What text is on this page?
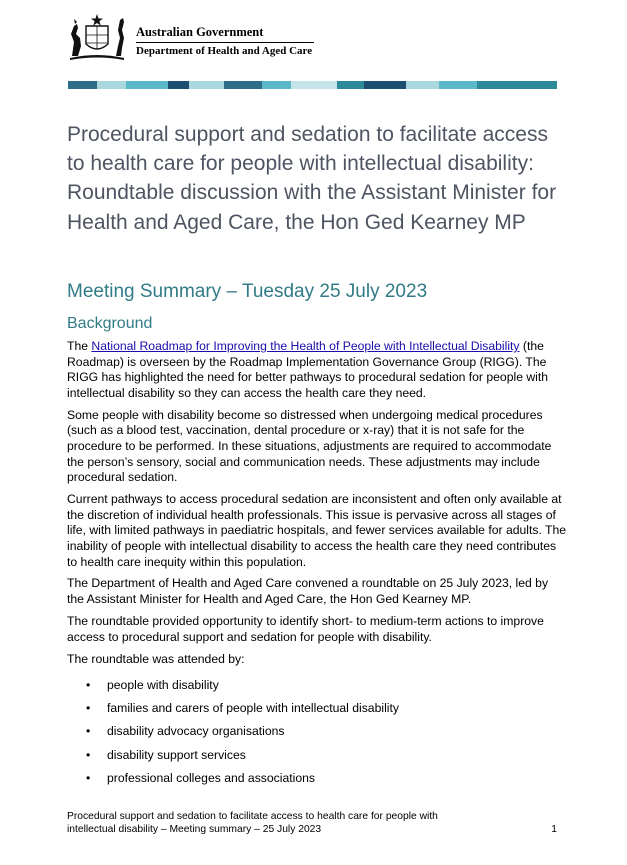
Australian Government
Department of Health and Aged Care
Procedural support and sedation to facilitate access to health care for people with intellectual disability: Roundtable discussion with the Assistant Minister for Health and Aged Care, the Hon Ged Kearney MP
Meeting Summary – Tuesday 25 July 2023
Background

The National Roadmap for Improving the Health of People with Intellectual Disability (the Roadmap) is overseen by the Roadmap Implementation Governance Group (RIGG). The RIGG has highlighted the need for better pathways to procedural sedation for people with intellectual disability so they can access the health care they need.

Some people with disability become so distressed when undergoing medical procedures (such as a blood test, vaccination, dental procedure or x-ray) that it is not safe for the procedure to be performed. In these situations, adjustments are required to accommodate the person’s sensory, social and communication needs. These adjustments may include procedural sedation.

Current pathways to access procedural sedation are inconsistent and often only available at the discretion of individual health professionals. This issue is pervasive across all stages of life, with limited pathways in paediatric hospitals, and fewer services available for adults. The inability of people with intellectual disability to access the health care they need contributes to health care inequity within this population.

The Department of Health and Aged Care convened a roundtable on 25 July 2023, led by the Assistant Minister for Health and Aged Care, the Hon Ged Kearney MP.

The roundtable provided opportunity to identify short- to medium-term actions to improve access to procedural support and sedation for people with disability.

The roundtable was attended by:

• people with disability
• families and carers of people with intellectual disability
• disability advocacy organisations
• disability support services
• professional colleges and associations
Procedural support and sedation to facilitate access to health care for people with
intellectual disability – Meeting summary – 25 July 2023	1
